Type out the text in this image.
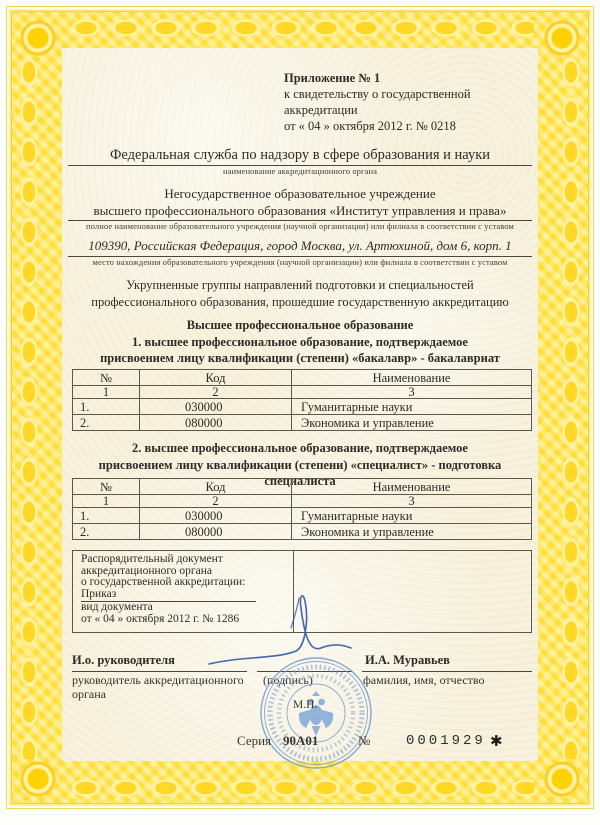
Приложение № 1
к свидетельству о государственной
аккредитации
от « 04 » октября 2012 г. № 0218
Федеральная служба по надзору в сфере образования и науки
наименование аккредитационного органа
Негосударственное образовательное учреждение
высшего профессионального образования «Институт управления и права»
полное наименование образовательного учреждения (научной организации) или филиала в соответствии с уставом
109390, Российская Федерация, город Москва, ул. Артюхиной, дом 6, корп. 1
место нахождения образовательного учреждения (научной организации) или филиала в соответствии с уставом
Укрупненные группы направлений подготовки и специальностей
профессионального образования, прошедшие государственную аккредитацию
Высшее профессиональное образование
1. высшее профессиональное образование, подтверждаемое
присвоением лицу квалификации (степени) «бакалавр» - бакалавриат
№	Код	Наименование
1	2	3
1.	030000	Гуманитарные науки
2.	080000	Экономика и управление
2. высшее профессиональное образование, подтверждаемое
присвоением лицу квалификации (степени) «специалист» - подготовка специалиста
№	Код	Наименование
1	2	3
1.	030000	Гуманитарные науки
2.	080000	Экономика и управление
Распорядительный документ
аккредитационного органа
о государственной аккредитации:
Приказ
вид документа
от « 04 » октября 2012 г. № 1286
И.о. руководителя
руководитель аккредитационного
органа
(подпись)
И.А. Муравьев
фамилия, имя, отчество
М.П.
Серия 90А01	№	0001929 ✱
